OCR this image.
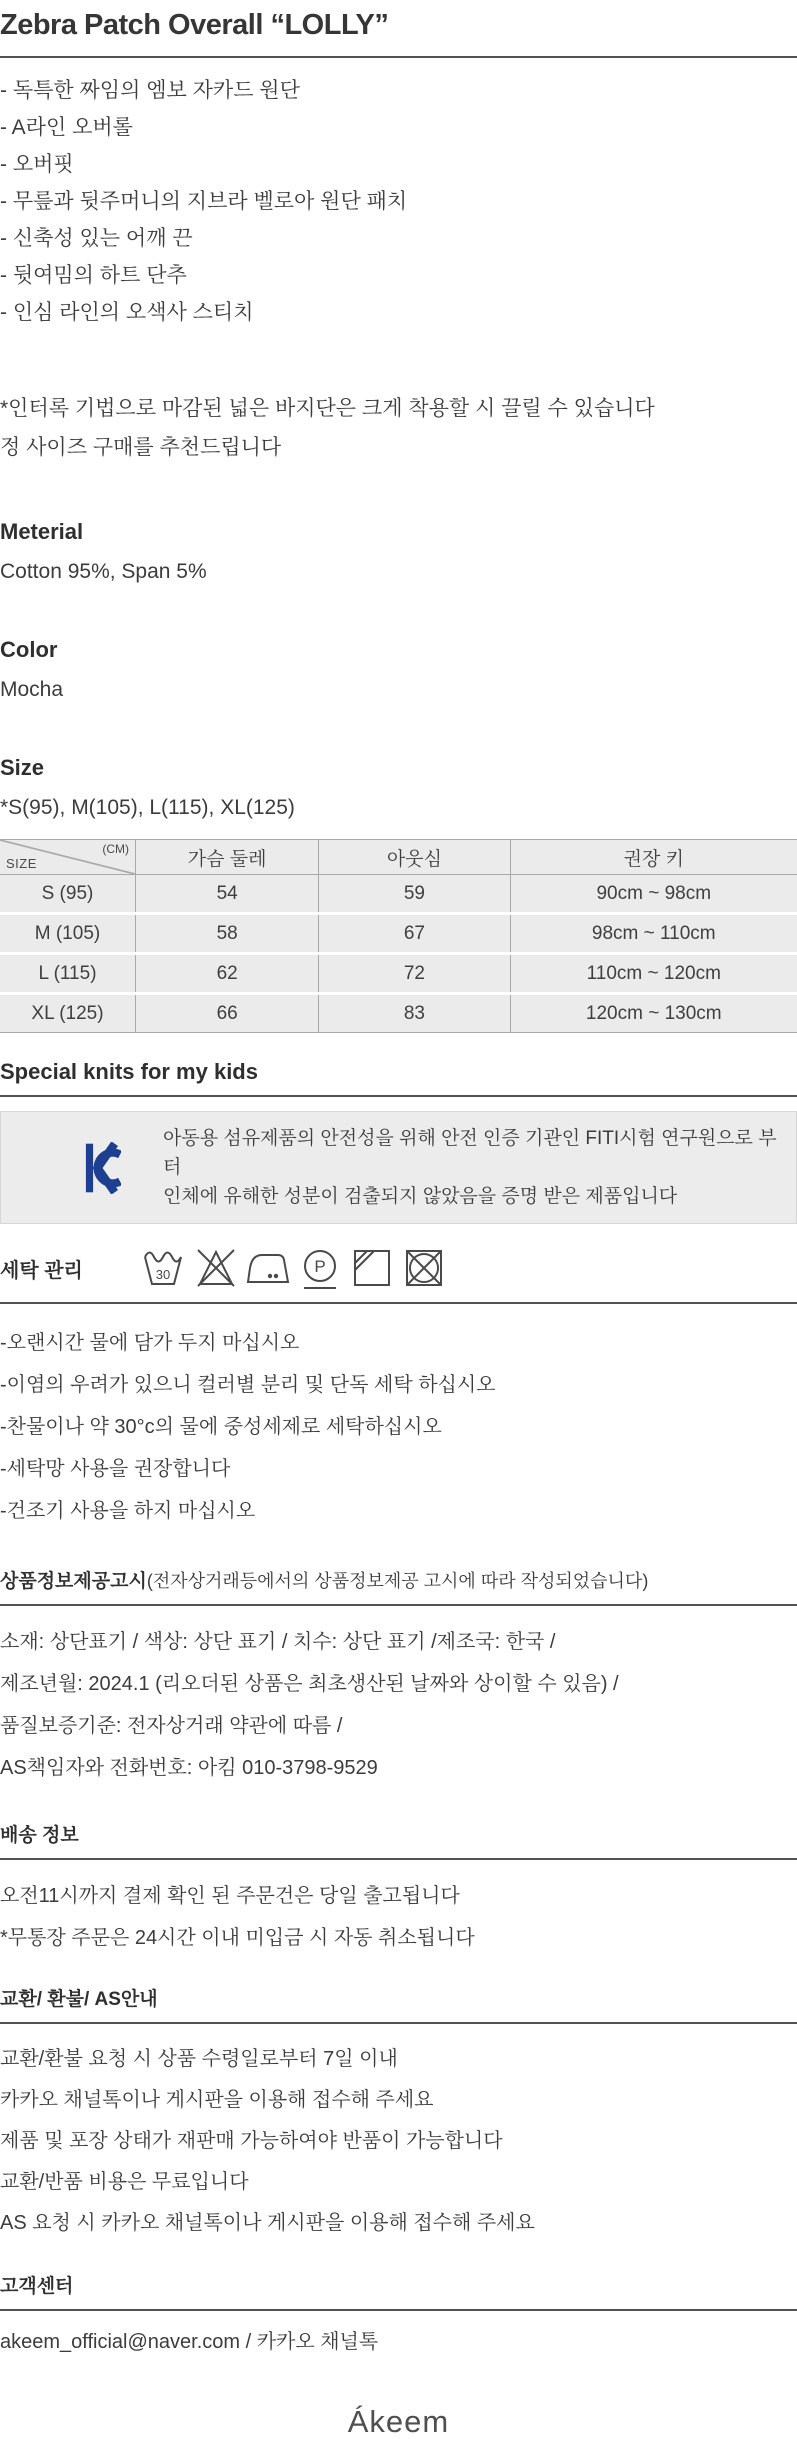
Zebra Patch Overall “LOLLY”

- 독특한 짜임의 엠보 자카드 원단

- A라인 오버롤

- 오버핏

- 무릎과 뒷주머니의 지브라 벨로아 원단 패치

- 신축성 있는 어깨 끈

- 뒷여밈의 하트 단추

- 인심 라인의 오색사 스티치

*인터록 기법으로 마감된 넓은 바지단은 크게 착용할 시 끌릴 수 있습니다

정 사이즈 구매를 추천드립니다

Meterial

Cotton 95%, Span 5%

Color

Mocha

Size

*S(95), M(105), L(115), XL(125)

(CM)
SIZE	가슴 둘레	아웃심	권장 키
S (95)	54	59	90cm ~ 98cm
M (105)	58	67	98cm ~ 110cm
L (115)	62	72	110cm ~ 120cm
XL (125)	66	83	120cm ~ 130cm
Special knits for my kids

아동용 섬유제품의 안전성을 위해 안전 인증 기관인 FITI시험 연구원으로 부터
인체에 유해한 성분이 검출되지 않았음을 증명 받은 제품입니다

세탁 관리	30	P

-오랜시간 물에 담가 두지 마십시오

-이염의 우려가 있으니 컬러별 분리 및 단독 세탁 하십시오

-찬물이나 약 30°c의 물에 중성세제로 세탁하십시오

-세탁망 사용을 권장합니다

-건조기 사용을 하지 마십시오

상품정보제공고시(전자상거래등에서의 상품정보제공 고시에 따라 작성되었습니다)

소재: 상단표기 / 색상: 상단 표기 / 치수: 상단 표기 /제조국: 한국 /

제조년월: 2024.1 (리오더된 상품은 최초생산된 날짜와 상이할 수 있음) /

품질보증기준: 전자상거래 약관에 따름 /

AS책임자와 전화번호: 아킴 010-3798-9529

배송 정보

오전11시까지 결제 확인 된 주문건은 당일 출고됩니다

*무통장 주문은 24시간 이내 미입금 시 자동 취소됩니다

교환/ 환불/ AS안내

교환/환불 요청 시 상품 수령일로부터 7일 이내

카카오 채널톡이나 게시판을 이용해 접수해 주세요

제품 및 포장 상태가 재판매 가능하여야 반품이 가능합니다

교환/반품 비용은 무료입니다

AS 요청 시 카카오 채널톡이나 게시판을 이용해 접수해 주세요

고객센터

akeem_official@naver.com / 카카오 채널톡

Ákeem
